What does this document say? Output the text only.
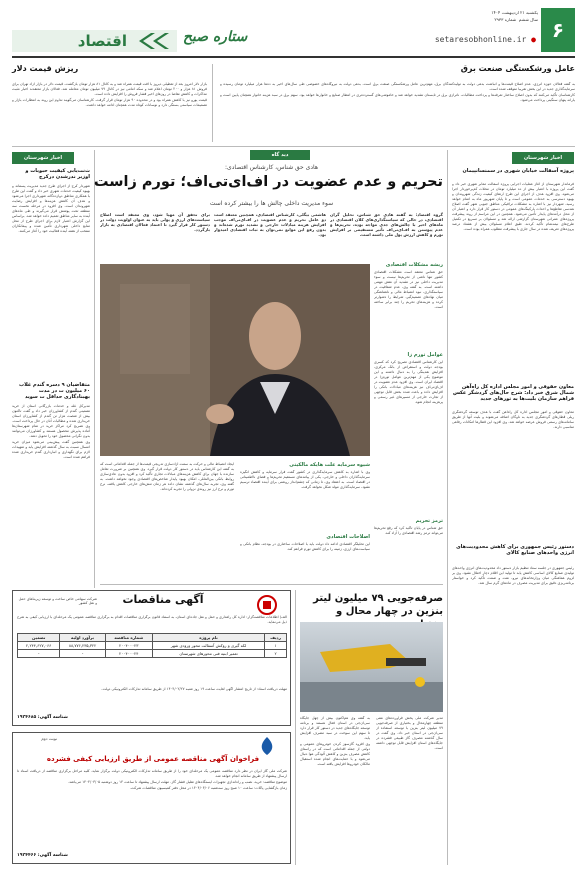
۶
یکشنبه ۲۱ اردیبهشت ۱۴۰۴
سال ششم ‌ شماره ۲۹۳۳
setaresobhonline.ir ●
ستاره صبح
اقتصاد
ریزش قیمت دلار
بازار دلار امروز بعد از تعطیلی دیروز با افت قیمت همراه شد و به کانال ۸۱ هزار تومان بازگشت. قیمت دلار در بازار آزاد تهران برای فروش ۸۱ هزار و ۲۰۰ تومان اعلام شد و سکه امامی نیز در کانال ۷۹ میلیون تومان معامله شد. فعالان بازار معتقدند اخبار مثبت مذاکرات و کاهش تقاضا در روزهای اخیر فشار فروش را افزایش داده است.
قیمت یورو نیز با کاهش همراه بود و در محدوده ۹۰ هزار تومان قرار گرفت. کارشناسان می‌گویند تداوم این روند به انتظارات بازار و تصمیمات سیاستی بستگی دارد و نوسانات کوتاه مدت همچنان ادامه خواهد داشت.
عامل ورشکستگی صنعت برق
به گفته فعالان حوزه انرژی، عدم اصلاح قیمت‌ها و انباشت بدهی دولت به تولیدکنندگان برق، مهم‌ترین عامل ورشکستگی صنعت برق است. بدهی دولت به نیروگاه‌های خصوصی طی سال‌های اخیر به ده‌ها هزار میلیارد تومان رسیده و سرمایه‌گذاری جدید در این بخش تقریبا متوقف شده است.
کارشناسان تأکید می‌کنند که بدون اصلاح ساختار تعرفه‌ها و پرداخت مطالبات، ناترازی برق در تابستان تشدید خواهد شد و خاموشی‌های گسترده‌تری در انتظار صنایع و خانوارها خواهد بود. سهم برق در سبد هزینه خانوار همچنان پایین است و یارانه پنهان سنگینی پرداخت می‌شود.
اخبار شهرستان
ث‌نت‌یابی کیفیت حبوبات و اوزیر ندرشدن درکرج
شهردار کرج از اجرای طرح جدید مدیریت پسماند و بهبود کیفیت خدمات شهری خبر داد و گفت این طرح با همکاری مناطق دوازده‌گانه شهرداری اجرا می‌شود و هدف آن کاهش هزینه‌ها و افزایش رضایت شهروندان است. وی افزود در مرحله نخست سه منطقه تحت پوشش قرار می‌گیرند و طی ماه‌های آینده به سایر مناطق تعمیم داده خواهد شد. براساس این گزارش اعتبار لازم برای اجرای طرح از محل منابع داخلی شهرداری تأمین شده و پیمانکاران منتخب از هفته آینده فعالیت خود را آغاز می‌کنند.
متقاضیان ۹ ‌دسره گندم‌ غلاب ۶۰ میلیون‌ ت‌ در مدت بهبنادگاری حداقل ت‌ سوید
مدیرکل غله و خدمات بازرگانی استان از خرید تضمینی گندم از کشاورزان خبر داد و گفت تاکنون بیش از شصت هزار تن گندم از کشاورزان استان خریداری شده و مطالبات آنان در حال پرداخت است. وی تصریح کرد مراکز خرید در تمام شهرستان‌ها آماده پذیرش محصول هستند و کشاورزان می‌توانند بدون نگرانی محصول خود را تحویل دهند.
وی همچنین گفت پیش‌بینی می‌شود میزان خرید امسال نسبت به سال گذشته افزایش یابد و تمهیدات لازم برای نگهداری و انبارداری گندم خریداری شده فراهم شده است.
اخبار شهرستان
پروژه آسفالت خیابان شهری در سمنسانپیمان
فرماندار شهرستان از آغاز عملیات اجرایی پروژه آسفالت معابر شهری خبر داد و گفت این پروژه با اعتبار بیش از ده میلیارد تومان در محلات کم‌برخوردار اجرا می‌شود. وی افزود هدف از اجرای این طرح ارتقای کیفیت زندگی شهروندان و بهبود دسترسی به خدمات عمومی است و تا پایان شهریور ماه به اتمام خواهد رسید. شهردار نیز با اشاره به مشکلات ترافیکی مناطق جنوبی شهر گفت اصلاح هندسی تقاطع‌ها و احداث پارکینگ‌های عمومی در دستور کار قرار دارد و اعتبار آن از محل درآمدهای پایدار تأمین می‌شود. همچنین در این مراسم از روند پیشرفت پروژه‌های عمرانی شهرستان گزارشی ارائه شد و مسئولان بر تسریع در تکمیل طرح‌های نیمه‌تمام تأکید کردند. طبق اعلام مسئولان بیش از هشتاد درصد پروژه‌های تعریف شده در سال جاری با پیشرفت مطلوب همراه بوده است.
معاون حقوقی و امور مجلس اداره کل راه‌آهن شمال شرق خبر داد: شرح حال‌های گردشگر عکس فراهم سازمان بلیت‌ها به تورهای جدید
معاون حقوقی و امور مجلس اداره کل راه‌آهن گفت با هدف توسعه گردشگری ریلی قطارهای گردشگری جدید به ناوگان اضافه می‌شوند و بلیت آنها از طریق سامانه‌های رسمی فروش عرضه خواهد شد. وی افزود این قطارها امکانات رفاهی مناسبی دارند.
دستور رئیس جمهوری برای کاهش محدودیت‌های انرژی واحدهای صنایع کالای
رئیس جمهوری در جلسه ستاد تنظیم بازار دستور داد محدودیت‌های انرژی واحدهای تولیدی صنایع کالای اساسی کاهش یابد تا تولید این اقلام دچار اختلال نشود. وی بر لزوم هماهنگی میان وزارتخانه‌های نیرو، نفت و صمت تأکید کرد و خواستار برنامه‌ریزی دقیق برای مدیریت مصرف در ماه‌های گرم سال شد.
دید گاه
هادی حق شناس، کارشناس اقتصادی:
تحریم و عدم عضویت در اف‌ای‌تی‌اف؛ تورم زاست
سوء مدیریت داخلی چالش ها را بیشتر کرده است
گروه اقتصاد: به گفته هادی حق شناس، تحلیل گران اقتصادی، در حالی که سیاستگذاری‌های کلان اقتصادی در ماه‌های اخیر با چالش‌های جدی مواجه بوده، تحریم‌ها و عدم پیوستن به اف‌ای‌تی‌اف تأثیر مستقیمی بر افزایش تورم و کاهش ارزش پول ملی داشته است.
هاشمی بیگلی، کارشناس اقتصادی، همچنین معتقد است دو عامل تحریم و عدم عضویت در اف‌ای‌تی‌اف موجب افزایش هزینه مبادلات خارجی و تشدید تورم شده‌اند و بدون رفع این موانع نمی‌توان به ثبات اقتصادی امیدوار بود.
برای تحقق آن مهیا شود، وی معتقد است اصلاح سیاست‌های ارزی و پولی باید به عنوان اولویت دولت در دستور کار قرار گیرد تا اعتماد فعالان اقتصادی به بازار بازگردد.
ریشه مشکلات اقتصادی
حق شناس معتقد است مشکلات اقتصادی کشور تنها ناشی از تحریم‌ها نیست و سوء مدیریت داخلی نیز در تشدید آن نقش مهمی داشته است. به گفته وی، عدم شفافیت در سیاستگذاری، نبود انضباط مالی و ناهماهنگی میان نهادهای تصمیم‌گیر، شرایط را دشوارتر کرده و هزینه‌های تحریم را چند برابر ساخته است.
عوامل تورم زا
این کارشناس اقتصادی تصریح کرد که کسری بودجه دولت و استقراض از بانک مرکزی، افزایش نقدینگی را به دنبال داشته و این موضوع یکی از مهم‌ترین عوامل تورم‌زا در اقتصاد ایران است. وی افزود عدم عضویت در اف‌ای‌تی‌اف نیز هزینه‌های مبادلات بانکی را افزایش داده و باعث شده بخش قابل توجهی از تجارت خارجی از مسیرهای غیر رسمی و پرهزینه انجام شود.
ترمز تحریم
حق شناس در پایان تأکید کرد که رفع تحریم‌ها می‌تواند ترمز رشد اقتصادی را آزاد کند.
شیوه سرمایه علت هایکه مالکیتی
وی با اشاره به کاهش سرمایه‌گذاری در کشور گفت فرار سرمایه و کاهش انگیزه سرمایه‌گذاران داخلی و خارجی، یکی از پیامدهای مستقیم تحریم‌ها و فضای نااطمینانی در اقتصاد است. به اعتقاد وی، تا زمانی که چشم‌انداز روشنی برای آینده اقتصاد ترسیم نشود، سرمایه‌گذاری مولد شکل نخواهد گرفت.
اصلاحات اقتصادی
این تحلیلگر اقتصادی ادامه داد دولت باید با اصلاحات ساختاری در بودجه، نظام بانکی و سیاست‌های ارزی، زمینه را برای کاهش تورم فراهم کند.
ایجاد انضباط مالی و حرکت به سمت آزادسازی تدریجی قیمت‌ها از جمله اقداماتی است که به گفته این کارشناس باید در دستور کار دولت قرار گیرد. وی همچنین بر ضرورت تعامل سازنده با جهان برای کاهش هزینه‌های مبادلات تجاری تأکید کرد و افزود بدون عادی‌سازی روابط بانکی بین‌المللی، امکان بهبود پایدار شاخص‌های اقتصادی وجود نخواهد داشت. به گفته وی، تجربه سال‌های گذشته نشان داده هر زمان تنش‌های خارجی کاهش یافته، نرخ تورم و نرخ ارز نیز روندی نزولی را تجربه کرده‌اند.
صرفه‌جویی ۷۹ میلیون لیتر بنزین در چهار محال و
مدیر شرکت ملی پخش فرآورده‌های نفتی منطقه چهارمحال و بختیاری از صرفه‌جویی ۷۹ میلیون لیتر بنزین با توسعه استفاده از سی‌ان‌جی در استان خبر داد. وی گفت در سال گذشته مصرف گاز طبیعی فشرده در جایگاه‌های استان افزایش قابل توجهی داشته است.
به گفته وی هم‌اکنون بیش از چهل جایگاه سی‌ان‌جی در استان فعال هستند و برنامه توسعه جایگاه‌های جدید در دستور کار قرار دارد تا سهم این سوخت در سبد مصرف افزایش یابد.
وی افزود گازسوز کردن خودروهای عمومی و دولتی از جمله اقداماتی است که در راستای کاهش مصرف بنزین و کاهش آلودگی هوا دنبال می‌شود و با حمایت‌های انجام شده استقبال مالکان خودروها افزایش یافته است.
آگهی مناقصات
شرکت سهامی خاص ساخت و توسعه زیربناهای حمل و نقل کشور
الف) اطلاعات مناقصه‌گزار: اداره کل راهداری و حمل و نقل جاده‌ای استان، به استناد قانون برگزاری مناقصات اقدام به برگزاری مناقصه عمومی یک مرحله‌ای با ارزیابی کیفی به شرح ذیل می‌نماید.
ردیف	نام پروژه	شماره مناقصه	برآورد اولیه	تضمین
۱	لکه گیری و روکش آسفالت محور ورودی شهر	۲۰۰۴۰۰۰۲۳	۸۸,۷۷۶,۲۳۵,۳۲۲	۲,۲۴۴,۶۲۷,۰۶۶
۲	تعمیر ابنیه فنی محورهای شهرستان	۲۰۰۴۰۰۰۲۴	-	-
مهلت دریافت اسناد: از تاریخ انتشار آگهی لغایت ساعت ۱۹ روز شنبه ۱۴۰۴/۰۲/۲۷ از طریق سامانه تدارکات الکترونیکی دولت.
شناسه آگهی: ۱۹۲۴۶۸۵
نوبت دوم
فراخوان آگهی مناقصه عمومی از طریق ارزیابی کیفی فشرده
شرکت ملی گاز ایران در نظر دارد مناقصه عمومی یک مرحله‌ای خود را از طریق سامانه تدارکات الکترونیکی دولت برگزار نماید. کلیه مراحل برگزاری مناقصه از دریافت اسناد تا ارسال پیشنهاد از طریق سامانه انجام خواهد شد.
موضوع مناقصه: خرید، نصب و راه‌اندازی تجهیزات ایستگاه‌های تقلیل فشار گاز. مهلت ارسال پیشنهاد تا ساعت ۱۴ روز دوشنبه ۱۴۰۴/۰۳/۰۵ می‌باشد.
زمان بازگشایی پاکات: ساعت ۱۰ صبح روز سه‌شنبه ۱۴۰۴/۰۳/۰۶ در محل دفتر کمیسیون مناقصات شرکت.
شناسه آگهی: ۱۹۲۴۴۶۶
